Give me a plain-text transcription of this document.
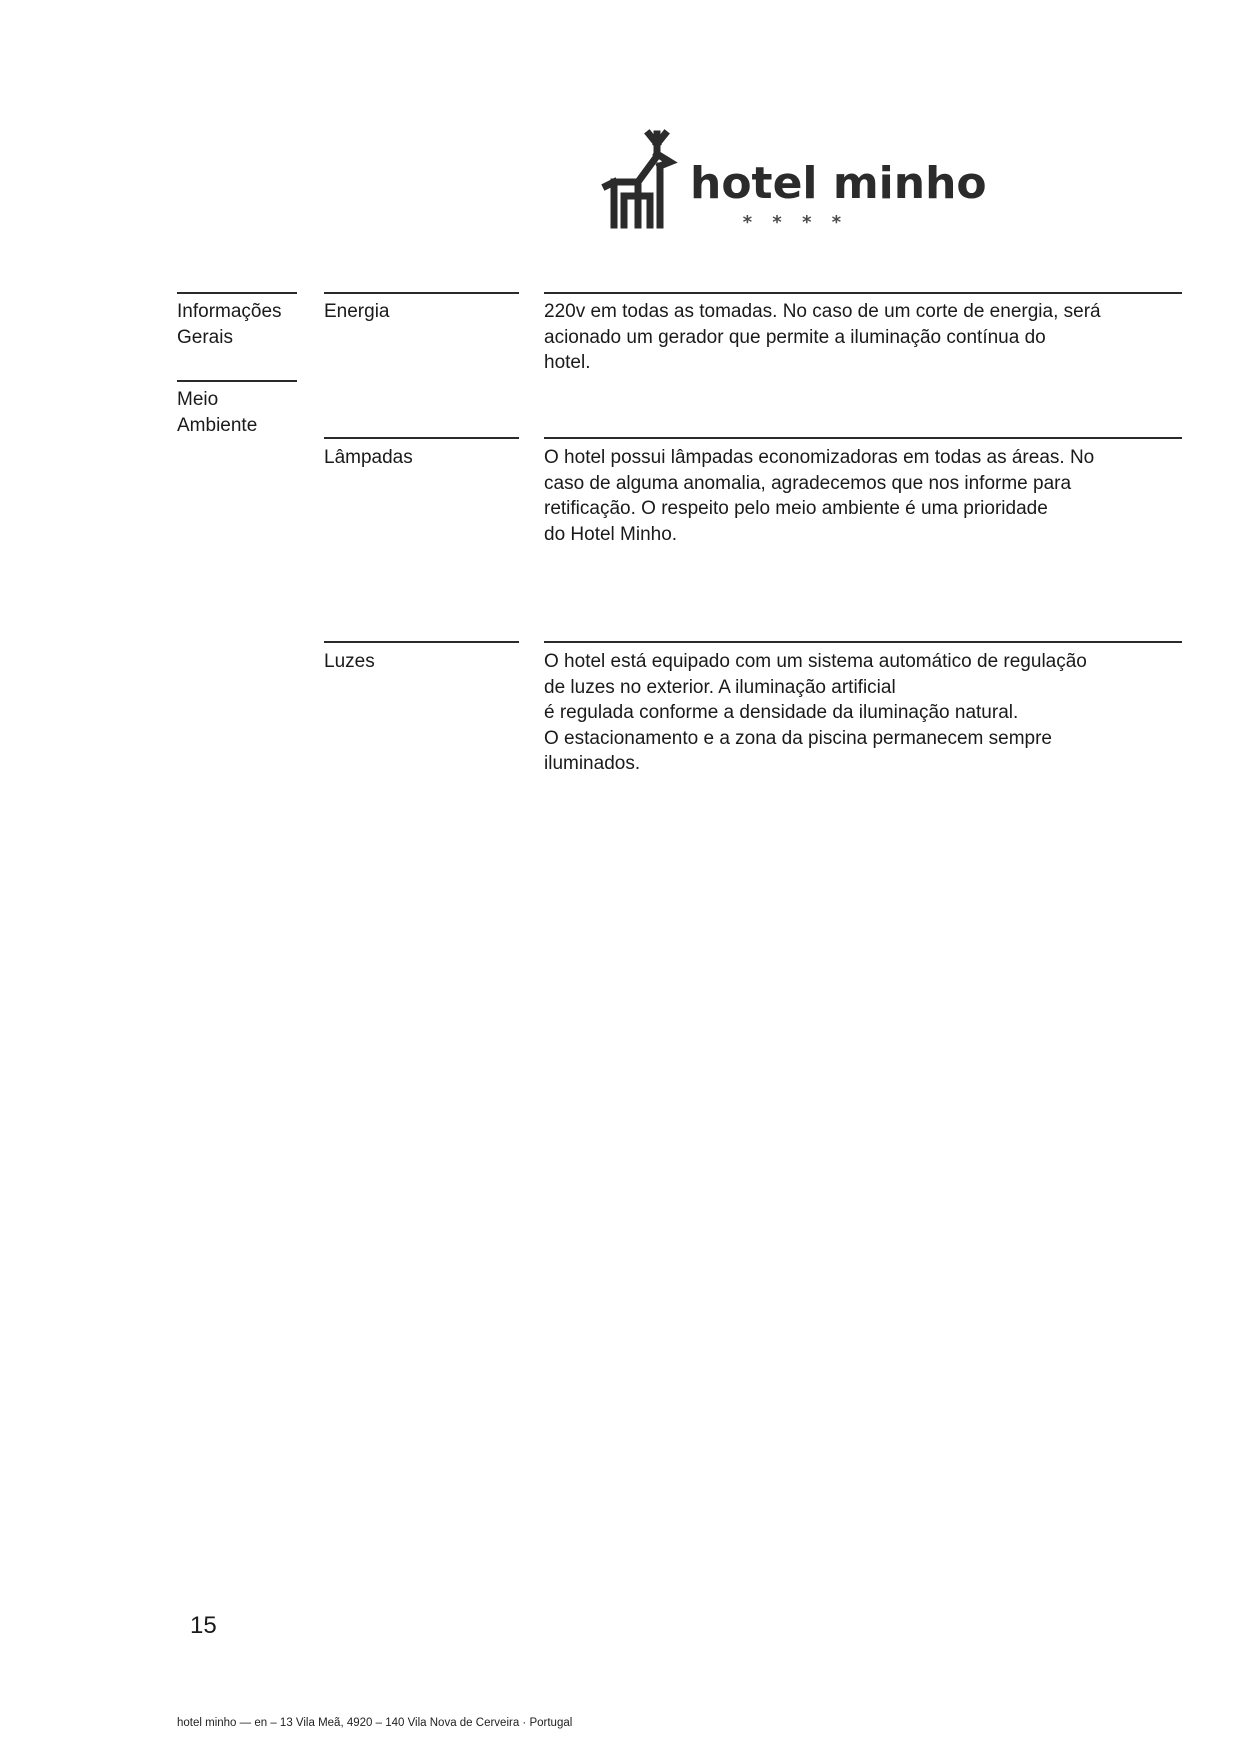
hotel minho
* * * *
Informações
Gerais
Meio
Ambiente
Energia	220v em todas as tomadas. No caso de um corte de energia, será
acionado um gerador que permite a iluminação contínua do
hotel.
Lâmpadas	O hotel possui lâmpadas economizadoras em todas as áreas. No
caso de alguma anomalia, agradecemos que nos informe para
retificação. O respeito pelo meio ambiente é uma prioridade
do Hotel Minho.
Luzes	O hotel está equipado com um sistema automático de regulação
de luzes no exterior. A iluminação artificial
é regulada conforme a densidade da iluminação natural.
O estacionamento e a zona da piscina permanecem sempre
iluminados.
15
hotel minho — en – 13 Vila Meã, 4920 – 140 Vila Nova de Cerveira · Portugal
